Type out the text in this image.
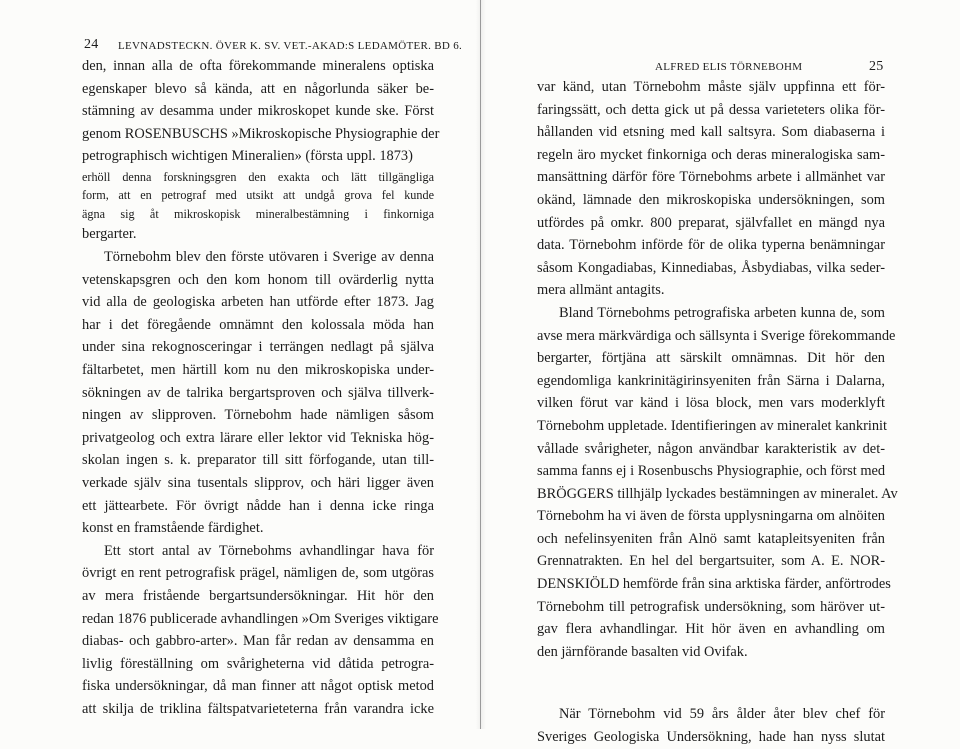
24 LEVNADSTECKN. ÖVER K. SV. VET.-AKAD:S LEDAMÖTER. BD 6.
ALFRED ELIS TÖRNEBOHM	25
den, innan alla de ofta förekommande mineralens optiska
egenskaper blevo så kända, att en någorlunda säker be-
stämning av desamma under mikroskopet kunde ske. Först
genom ROSENBUSCHS »Mikroskopische Physiographie der
petrographisch wichtigen Mineralien» (första uppl. 1873)
erhöll denna forskningsgren den exakta och lätt tillgängliga
form, att en petrograf med utsikt att undgå grova fel kunde
ägna sig åt mikroskopisk mineralbestämning i finkorniga
bergarter.
Törnebohm blev den förste utövaren i Sverige av denna
vetenskapsgren och den kom honom till ovärderlig nytta
vid alla de geologiska arbeten han utförde efter 1873. Jag
har i det föregående omnämnt den kolossala möda han
under sina rekognosceringar i terrängen nedlagt på själva
fältarbetet, men härtill kom nu den mikroskopiska under-
sökningen av de talrika bergartsproven och själva tillverk-
ningen av slipproven. Törnebohm hade nämligen såsom
privatgeolog och extra lärare eller lektor vid Tekniska hög-
skolan ingen s. k. preparator till sitt förfogande, utan till-
verkade själv sina tusentals slipprov, och häri ligger även
ett jättearbete. För övrigt nådde han i denna icke ringa
konst en framstående färdighet.
Ett stort antal av Törnebohms avhandlingar hava för
övrigt en rent petrografisk prägel, nämligen de, som utgöras
av mera fristående bergartsundersökningar. Hit hör den
redan 1876 publicerade avhandlingen »Om Sveriges viktigare
diabas- och gabbro-arter». Man får redan av densamma en
livlig föreställning om svårigheterna vid dåtida petrogra-
fiska undersökningar, då man finner att något optisk metod
att skilja de triklina fältspatvarieteterna från varandra icke
var känd, utan Törnebohm måste själv uppfinna ett för-
faringssätt, och detta gick ut på dessa varieteters olika för-
hållanden vid etsning med kall saltsyra. Som diabaserna i
regeln äro mycket finkorniga och deras mineralogiska sam-
mansättning därför före Törnebohms arbete i allmänhet var
okänd, lämnade den mikroskopiska undersökningen, som
utfördes på omkr. 800 preparat, självfallet en mängd nya
data. Törnebohm införde för de olika typerna benämningar
såsom Kongadiabas, Kinnediabas, Åsbydiabas, vilka seder-
mera allmänt antagits.
Bland Törnebohms petrografiska arbeten kunna de, som
avse mera märkvärdiga och sällsynta i Sverige förekommande
bergarter, förtjäna att särskilt omnämnas. Dit hör den
egendomliga kankrinitägirinsyeniten från Särna i Dalarna,
vilken förut var känd i lösa block, men vars moderklyft
Törnebohm uppletade. Identifieringen av mineralet kankrinit
vållade svårigheter, någon användbar karakteristik av det-
samma fanns ej i Rosenbuschs Physiographie, och först med
BRÖGGERS tillhjälp lyckades bestämningen av mineralet. Av
Törnebohm ha vi även de första upplysningarna om alnöiten
och nefelinsyeniten från Alnö samt katapleitsyeniten från
Grennatrakten. En hel del bergartsuiter, som A. E. NOR-
DENSKIÖLD hemförde från sina arktiska färder, anförtrodes
Törnebohm till petrografisk undersökning, som häröver ut-
gav flera avhandlingar. Hit hör även en avhandling om
den järnförande basalten vid Ovifak.
När Törnebohm vid 59 års ålder åter blev chef för
Sveriges Geologiska Undersökning, hade han nyss slutat
